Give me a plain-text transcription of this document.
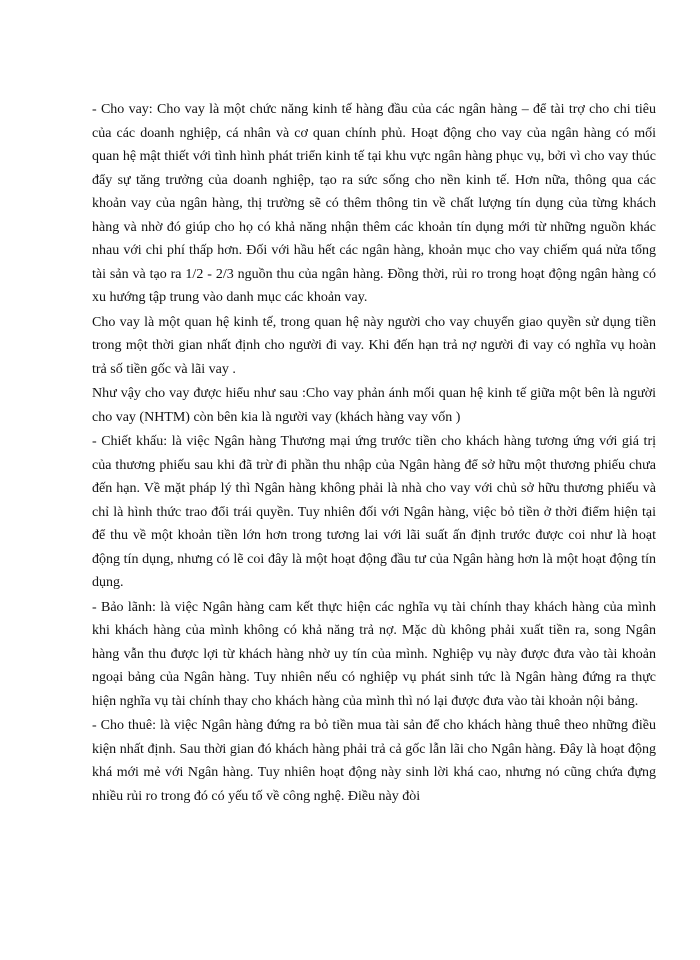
- Cho vay: Cho vay là một chức năng kinh tế hàng đầu của các ngân hàng – để tài trợ cho chi tiêu của các doanh nghiệp, cá nhân và cơ quan chính phủ. Hoạt động cho vay của ngân hàng có mối quan hệ mật thiết với tình hình phát triển kinh tế tại khu vực ngân hàng phục vụ, bởi vì cho vay thúc đẩy sự tăng trưởng của doanh nghiệp, tạo ra sức sống cho nền kinh tế. Hơn nữa, thông qua các khoản vay của ngân hàng, thị trường sẽ có thêm thông tin về chất lượng tín dụng của từng khách hàng và nhờ đó giúp cho họ có khả năng nhận thêm các khoản tín dụng mới từ những nguồn khác nhau với chi phí thấp hơn. Đối với hầu hết các ngân hàng, khoản mục cho vay chiếm quá nửa tổng tài sản và tạo ra 1/2 - 2/3 nguồn thu của ngân hàng. Đồng thời, rủi ro trong hoạt động ngân hàng có xu hướng tập trung vào danh mục các khoản vay.

Cho vay là một quan hệ kinh tế, trong quan hệ này người cho vay chuyển giao quyền sử dụng tiền trong một thời gian nhất định cho người đi vay. Khi đến hạn trả nợ người đi vay có nghĩa vụ hoàn trả số tiền gốc và lãi vay .

Như vậy cho vay được hiểu như sau :Cho vay phản ánh mối quan hệ kinh tế giữa một bên là người cho vay (NHTM) còn bên kia là người vay (khách hàng vay vốn )

- Chiết khấu: là việc Ngân hàng Thương mại ứng trước tiền cho khách hàng tương ứng với giá trị của thương phiếu sau khi đã trừ đi phần thu nhập của Ngân hàng để sở hữu một thương phiếu chưa đến hạn. Về mặt pháp lý thì Ngân hàng không phải là nhà cho vay với chủ sở hữu thương phiếu và chỉ là hình thức trao đổi trái quyền. Tuy nhiên đối với Ngân hàng, việc bỏ tiền ở thời điểm hiện tại để thu về một khoản tiền lớn hơn trong tương lai với lãi suất ấn định trước được coi như là hoạt động tín dụng, nhưng có lẽ coi đây là một hoạt động đầu tư của Ngân hàng hơn là một hoạt động tín dụng.

- Bảo lãnh: là việc Ngân hàng cam kết thực hiện các nghĩa vụ tài chính thay khách hàng của mình khi khách hàng của mình không có khả năng trả nợ. Mặc dù không phải xuất tiền ra, song Ngân hàng vẫn thu được lợi từ khách hàng nhờ uy tín của mình. Nghiệp vụ này được đưa vào tài khoản ngoại bảng của Ngân hàng. Tuy nhiên nếu có nghiệp vụ phát sinh tức là Ngân hàng đứng ra thực hiện nghĩa vụ tài chính thay cho khách hàng của mình thì nó lại được đưa vào tài khoản nội bảng.

- Cho thuê: là việc Ngân hàng đứng ra bỏ tiền mua tài sản để cho khách hàng thuê theo những điều kiện nhất định. Sau thời gian đó khách hàng phải trả cả gốc lẫn lãi cho Ngân hàng. Đây là hoạt động khá mới mẻ với Ngân hàng. Tuy nhiên hoạt động này sinh lời khá cao, nhưng nó cũng chứa đựng nhiều rủi ro trong đó có yếu tố về công nghệ. Điều này đòi
